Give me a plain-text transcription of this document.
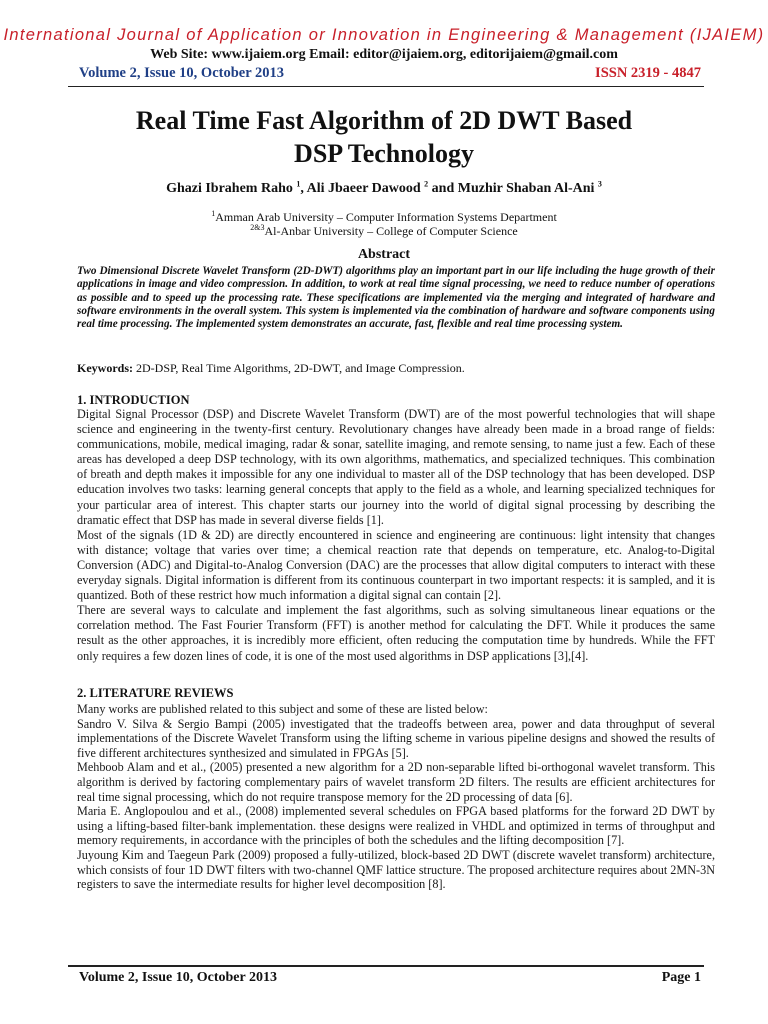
International Journal of Application or Innovation in Engineering & Management (IJAIEM)
Web Site: www.ijaiem.org Email: editor@ijaiem.org, editorijaiem@gmail.com
Volume 2, Issue 10, October 2013	ISSN 2319 - 4847
Real Time Fast Algorithm of 2D DWT Based
DSP Technology
Ghazi Ibrahem Raho $^1$, Ali Jbaeer Dawood $^2$ and Muzhir Shaban Al-Ani $^3$
$^1$Amman Arab University – Computer Information Systems Department
$^{2\&3}$Al-Anbar University – College of Computer Science
Abstract

Two Dimensional Discrete Wavelet Transform (2D-DWT) algorithms play an important part in our life including the huge growth of their applications in image and video compression. In addition, to work at real time signal processing, we need to reduce number of operations as possible and to speed up the processing rate. These specifications are implemented via the merging and integrated of hardware and software environments in the overall system. This system is implemented via the combination of hardware and software components using real time processing. The implemented system demonstrates an accurate, fast, flexible and real time processing system.

Keywords: 2D-DSP, Real Time Algorithms, 2D-DWT, and Image Compression.

1. INTRODUCTION

Digital Signal Processor (DSP) and Discrete Wavelet Transform (DWT) are of the most powerful technologies that will shape science and engineering in the twenty-first century. Revolutionary changes have already been made in a broad range of fields: communications, mobile, medical imaging, radar & sonar, satellite imaging, and remote sensing, to name just a few. Each of these areas has developed a deep DSP technology, with its own algorithms, mathematics, and specialized techniques. This combination of breath and depth makes it impossible for any one individual to master all of the DSP technology that has been developed. DSP education involves two tasks: learning general concepts that apply to the field as a whole, and learning specialized techniques for your particular area of interest. This chapter starts our journey into the world of digital signal processing by describing the dramatic effect that DSP has made in several diverse fields [1].

Most of the signals (1D & 2D) are directly encountered in science and engineering are continuous: light intensity that changes with distance; voltage that varies over time; a chemical reaction rate that depends on temperature, etc. Analog-to-Digital Conversion (ADC) and Digital-to-Analog Conversion (DAC) are the processes that allow digital computers to interact with these everyday signals. Digital information is different from its continuous counterpart in two important respects: it is sampled, and it is quantized. Both of these restrict how much information a digital signal can contain [2].

There are several ways to calculate and implement the fast algorithms, such as solving simultaneous linear equations or the correlation method. The Fast Fourier Transform (FFT) is another method for calculating the DFT. While it produces the same result as the other approaches, it is incredibly more efficient, often reducing the computation time by hundreds. While the FFT only requires a few dozen lines of code, it is one of the most used algorithms in DSP applications [3],[4].

2. LITERATURE REVIEWS

Many works are published related to this subject and some of these are listed below:

Sandro V. Silva & Sergio Bampi (2005) investigated that the tradeoffs between area, power and data throughput of several implementations of the Discrete Wavelet Transform using the lifting scheme in various pipeline designs and showed the results of five different architectures synthesized and simulated in FPGAs [5].

Mehboob Alam and et al., (2005) presented a new algorithm for a 2D non-separable lifted bi-orthogonal wavelet transform. This algorithm is derived by factoring complementary pairs of wavelet transform 2D filters. The results are efficient architectures for real time signal processing, which do not require transpose memory for the 2D processing of data [6].

Maria E. Anglopoulou and et al., (2008) implemented several schedules on FPGA based platforms for the forward 2D DWT by using a lifting-based filter-bank implementation. these designs were realized in VHDL and optimized in terms of throughput and memory requirements, in accordance with the principles of both the schedules and the lifting decomposition [7].

Juyoung Kim and Taegeun Park (2009) proposed a fully-utilized, block-based 2D DWT (discrete wavelet transform) architecture, which consists of four 1D DWT filters with two-channel QMF lattice structure. The proposed architecture requires about 2MN-3N registers to save the intermediate results for higher level decomposition [8].

Volume 2, Issue 10, October 2013	Page 1
